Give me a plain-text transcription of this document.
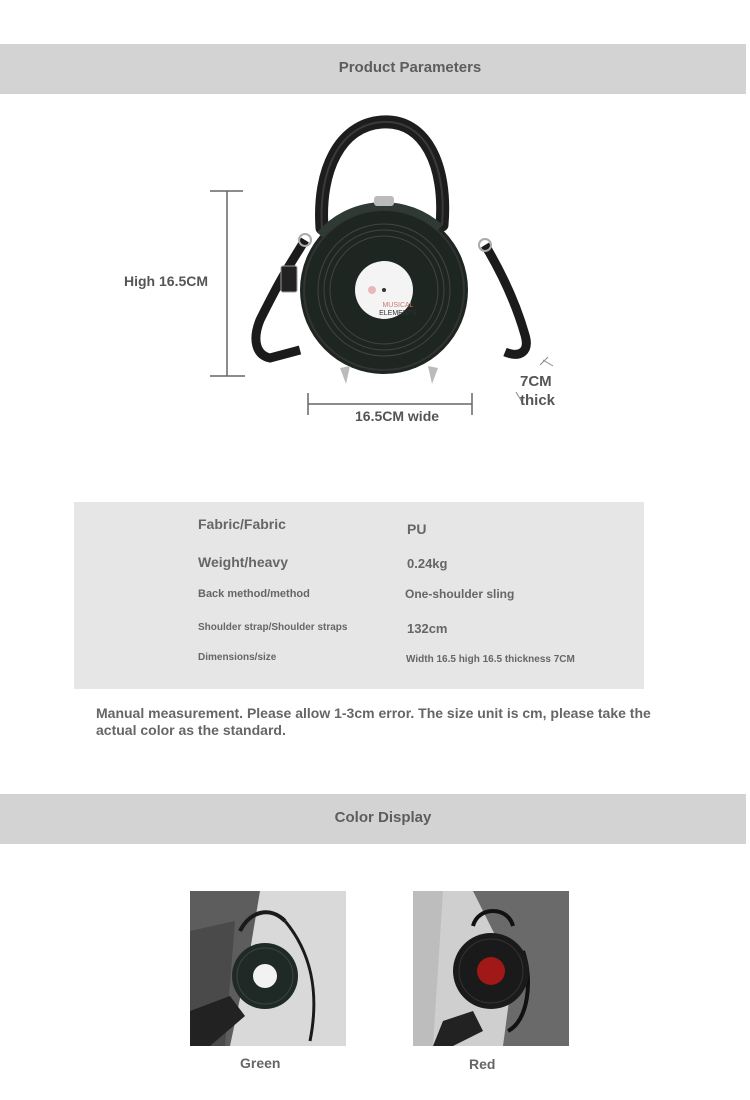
Product Parameters
MUSICAL
ELEMENTS
High 16.5CM
16.5CM wide
7CM
thick
Fabric/Fabric	PU
Weight/heavy	0.24kg
Back method/method	One-shoulder sling
Shoulder strap/Shoulder straps	132cm
Dimensions/size	Width 16.5 high 16.5 thickness 7CM
Manual measurement. Please allow 1-3cm error. The size unit is cm, please take the actual color as the standard.
Color Display
Green	Red
